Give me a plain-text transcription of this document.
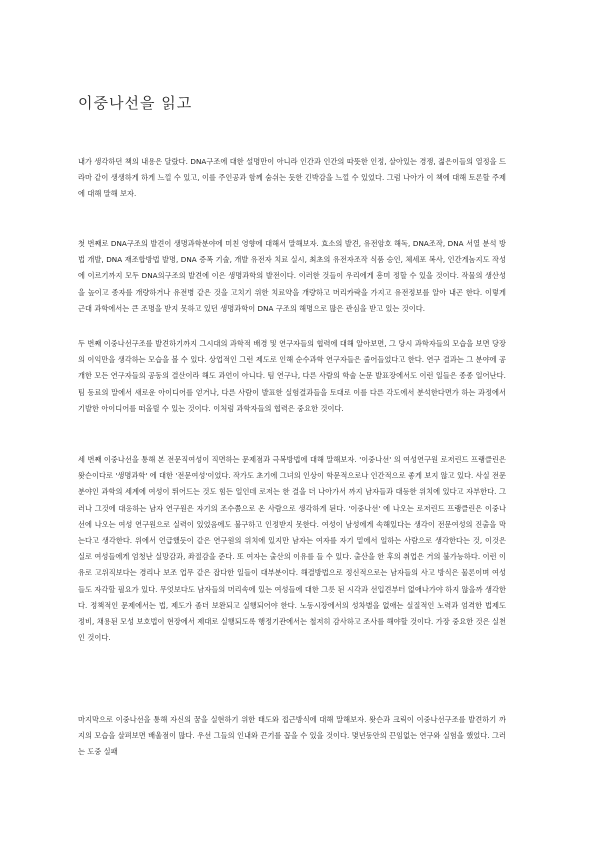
이중나선을 읽고
내가 생각하던 책의 내용은 달랐다. DNA구조에 대한 설명만이 아니라 인간과 인간의 따뜻한 인정, 살아있는 경쟁, 젊은이들의 열정을 드라마 같이 생생하게 하게 느낄 수 있고, 이를 주인공과 함께 숨쉬는 듯한 긴박감을 느낄 수 있었다. 그럼 나아가 이 책에 대해 토론할 주제에 대해 말해 보자.
첫 번째로 DNA구조의 발견이 생명과학분야에 미친 영향에 대해서 말해보자. 효소의 발견, 유전암호 해독, DNA조작, DNA 서열 분석 방법 개발, DNA 재조합방법 발명, DNA 증폭 기술, 개발 유전자 치료 실시, 최초의 유전자조작 식품 승인, 체세포 복사, 인간게놈지도 작성에 이르기까지 모두 DNA의구조의 발견에 이은 생명과학의 발전이다. 이러한 것들이 우리에게 흥미 정할 수 있을 것이다. 작물의 생산성을 높이고 종자를 개량하거나 유전병 같은 것을 고치기 위한 치료약을 개량하고 머리카락을 가지고 유전정보를 알아 내곤 한다. 이렇게 근대 과학에서는 큰 조명을 받지 못하고 있던 생명과학이 DNA 구조의 해명으로 많은 관심을 받고 있는 것이다.
두 번째 이중나선구조를 발견하기까지 그시대의 과학적 배경 및 연구자들의 협력에 대해 알아보면, 그 당시 과학자들의 모습을 보면 당장의 이익만을 생각하는 모습을 볼 수 있다. 상업적인 그런 제도로 인해 순수과학 연구자들은 줄어들었다고 한다. 연구 결과는 그 분야에 공개한 모든 연구자들의 공동의 결산이라 해도 과언이 아니다. 팀 연구나, 다른 사람의 학술 논문 발표장에서도 이런 일들은 종종 일어난다. 팀 동료의 말에서 새로운 아이디어를 얻거나, 다른 사람이 발표한 실험결과들을 토대로 이를 다른 각도에서 분석한다면가 하는 과정에서 기발한 아이디어를 떠올릴 수 있는 것이다. 이처럼 과학자들의 협력은 중요한 것이다.
세 번째 이중나선을 통해 본 전문직여성이 직면하는 문제점과 극복방법에 대해 말해보자. '이중나선' 의 여성연구원 로저린드 프랭클린은 왓슨이다로 '생명과학' 에 대한 '전문여성'이었다. 작가도 초기에 그녀의 인상이 학문적으로나 인간적으로 좋게 보지 않고 있다. 사실 전문 분야인 과학의 세계에 여성이 뛰어드는 것도 힘든 일인데 로저는 한 결을 더 나아가서 까지 남자들과 대등한 위치에 있다고 자부한다. 그러나 그것에 대응하는 남자 연구원은 자기의 조수쯤으로 온 사람으로 생각하게 된다. '이중나선' 에 나오는 로저린드 프랭클린은 이중나선에 나오는 여성 연구원으로 실력이 있었음에도 불구하고 인정받지 못한다. 여성이 남성에게 속해있다는 생각이 전문여성의 진출을 막는다고 생각한다. 위에서 언급했듯이 같은 연구원의 위치에 있지만 남자는 여자를 자기 밑에서 일하는 사람으로 생각한다는 것, 이것은 실로 여성들에게 엄청난 실망감과, 좌절감을 준다. 또 여자는 출산의 이유를 들 수 있다. 출산을 한 후의 취업은 거의 불가능하다. 이런 이유로 고위직보다는 경리나 보조 업무 같은 잡다한 일들이 대부분이다. 해결방법으로 정신적으로는 남자들의 사고 방식은 물론이며 여성들도 자각할 필요가 있다. 무엇보다도 남자들의 머리속에 있는 여성들에 대한 그릇 된 시각과 선입견부터 없애나가야 하지 않을까 생각한다. 정책적인 문제에서는 법, 제도가 좀더 보완되고 실행되어야 한다. 노동시장에서의 성차별을 없애는 실질적인 노력과 엄격한 법제도 정비, 채용된 모성 보호법이 현장에서 제대로 실행되도록 행정기관에서는 철저히 감사하고 조사를 해야할 것이다. 가장 중요한 것은 실천인 것이다.
마지막으로 이중나선을 통해 자신의 꿈을 실현하기 위한 태도와 접근방식에 대해 말해보자. 왓슨과 크릭이 이중나선구조를 발견하기 까지의 모습을 살펴보면 배울점이 많다. 우선 그들의 인내와 끈기를 꼽을 수 있을 것이다. 몇년동안의 끈임없는 연구와 실험을 했었다. 그러는 도중 실패
